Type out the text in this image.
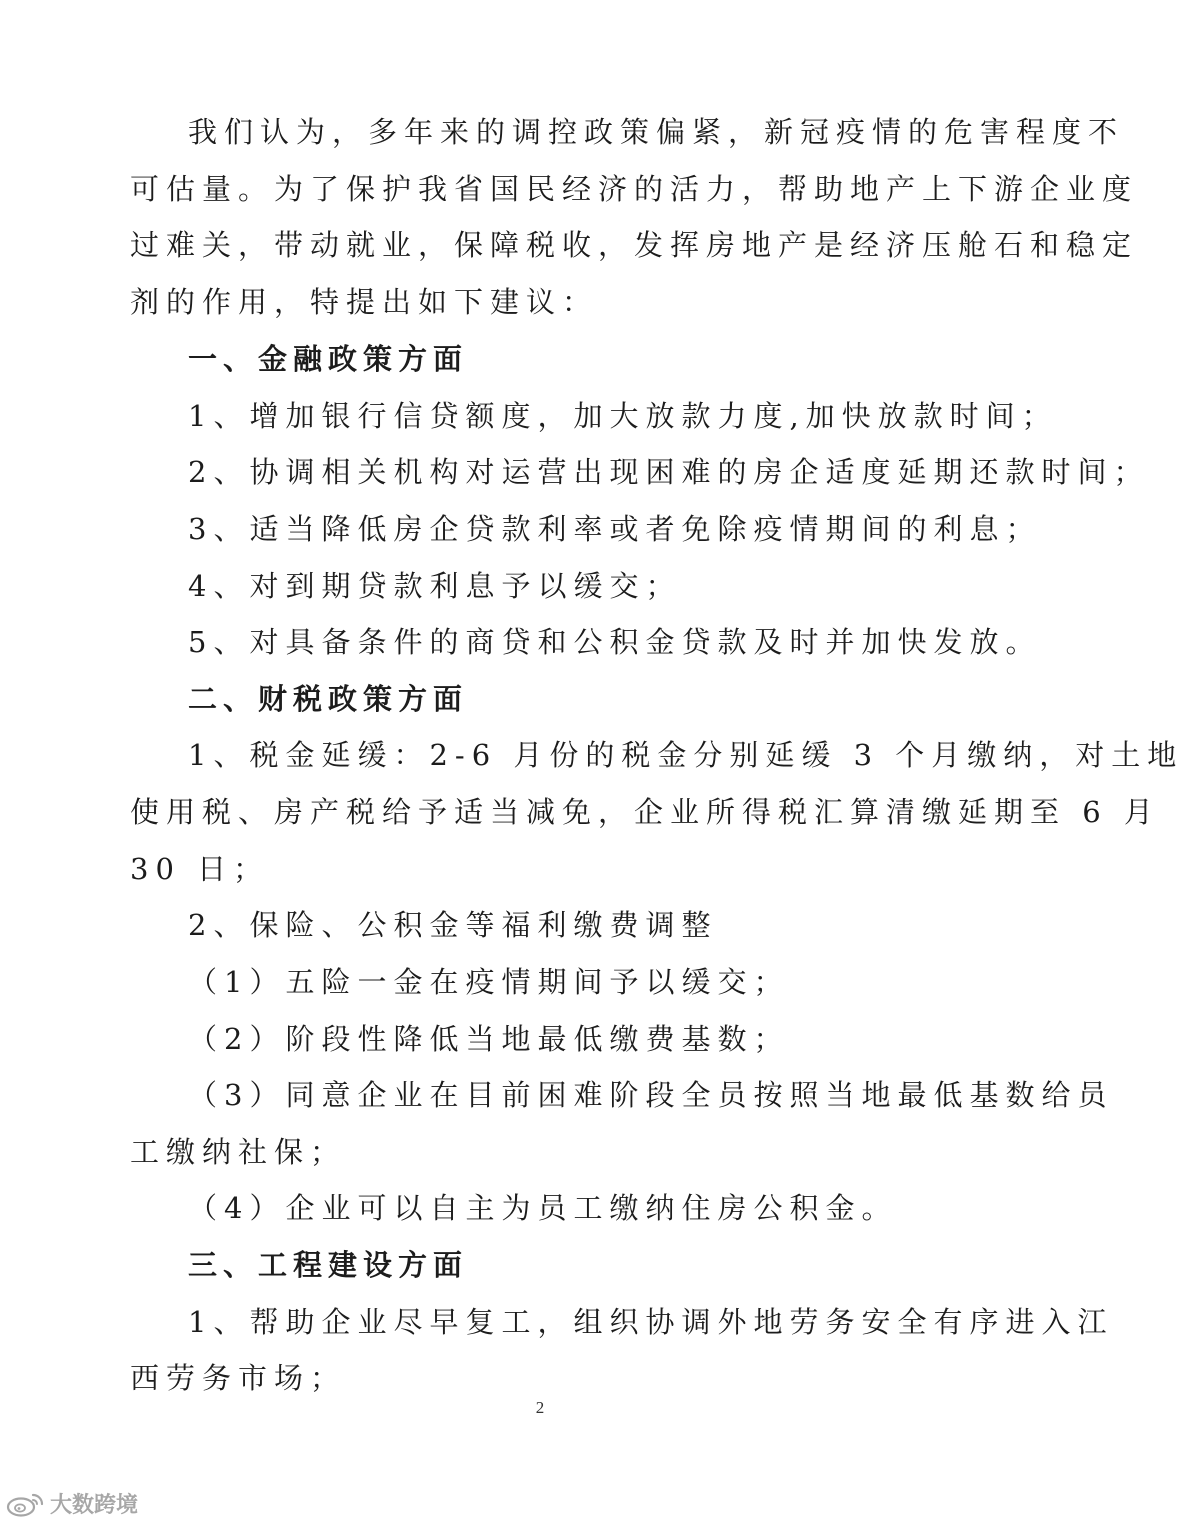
我们认为，多年来的调控政策偏紧，新冠疫情的危害程度不
可估量。为了保护我省国民经济的活力，帮助地产上下游企业度
过难关，带动就业，保障税收，发挥房地产是经济压舱石和稳定
剂的作用，特提出如下建议：
一、金融政策方面
1、增加银行信贷额度，加大放款力度,加快放款时间；
2、协调相关机构对运营出现困难的房企适度延期还款时间；
3、适当降低房企贷款利率或者免除疫情期间的利息；
4、对到期贷款利息予以缓交；
5、对具备条件的商贷和公积金贷款及时并加快发放。
二、财税政策方面
1、税金延缓：2-6 月份的税金分别延缓 3 个月缴纳，对土地
使用税、房产税给予适当减免，企业所得税汇算清缴延期至 6 月
30 日；
2、保险、公积金等福利缴费调整
（1）五险一金在疫情期间予以缓交；
（2）阶段性降低当地最低缴费基数；
（3）同意企业在目前困难阶段全员按照当地最低基数给员
工缴纳社保；
（4）企业可以自主为员工缴纳住房公积金。
三、工程建设方面
1、帮助企业尽早复工，组织协调外地劳务安全有序进入江
西劳务市场；
2
大数跨境
